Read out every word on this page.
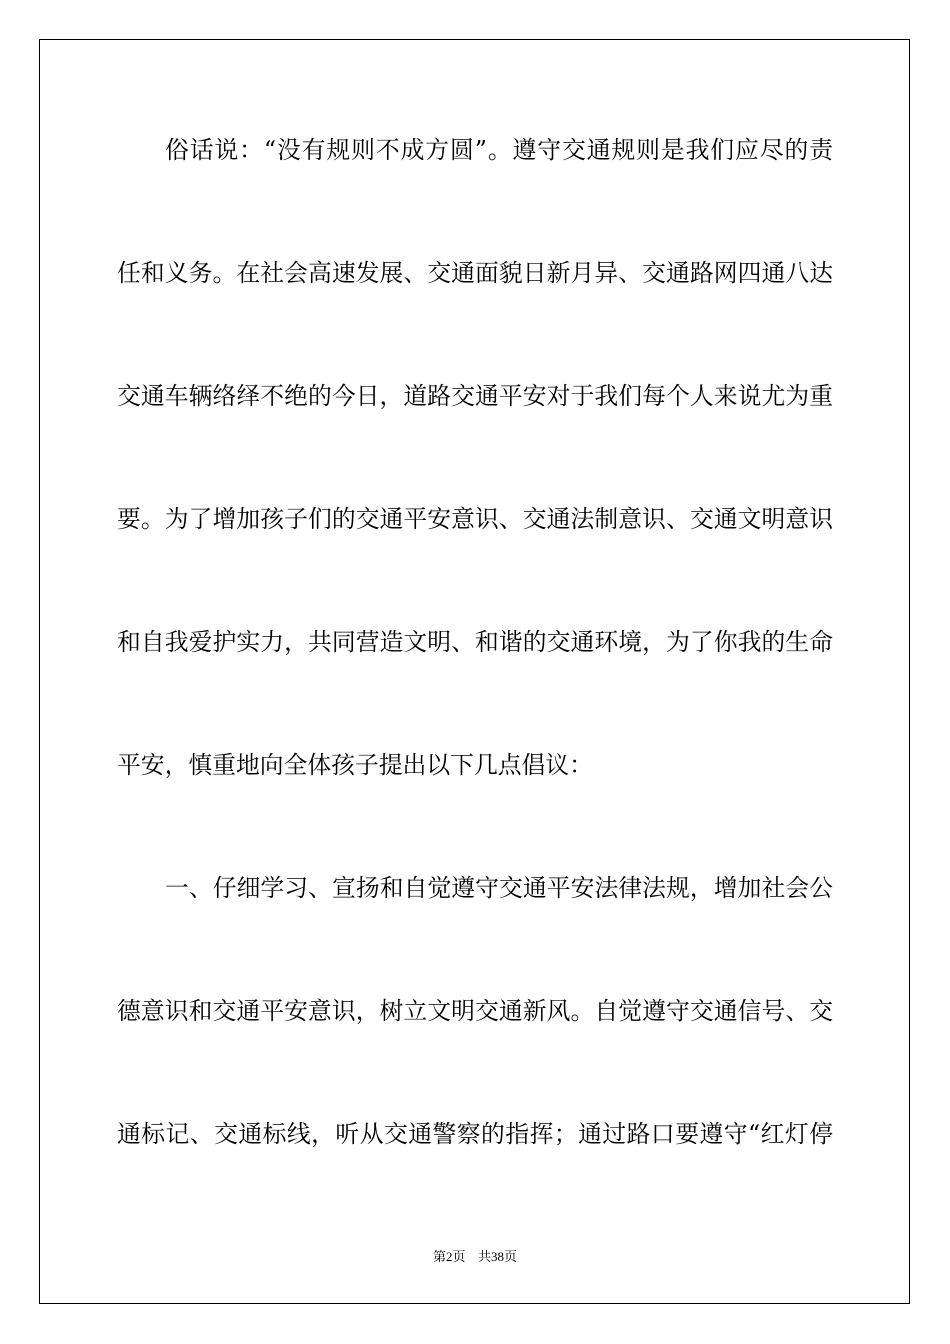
俗话说：“没有规则不成方圆”。遵守交通规则是我们应尽的责
任和义务。在社会高速发展、交通面貌日新月异、交通路网四通八达
交通车辆络绎不绝的今日，道路交通平安对于我们每个人来说尤为重
要。为了增加孩子们的交通平安意识、交通法制意识、交通文明意识
和自我爱护实力，共同营造文明、和谐的交通环境，为了你我的生命
平安，慎重地向全体孩子提出以下几点倡议：
一、仔细学习、宣扬和自觉遵守交通平安法律法规，增加社会公
德意识和交通平安意识，树立文明交通新风。自觉遵守交通信号、交
通标记、交通标线，听从交通警察的指挥；通过路口要遵守“红灯停
第2页 共38页
